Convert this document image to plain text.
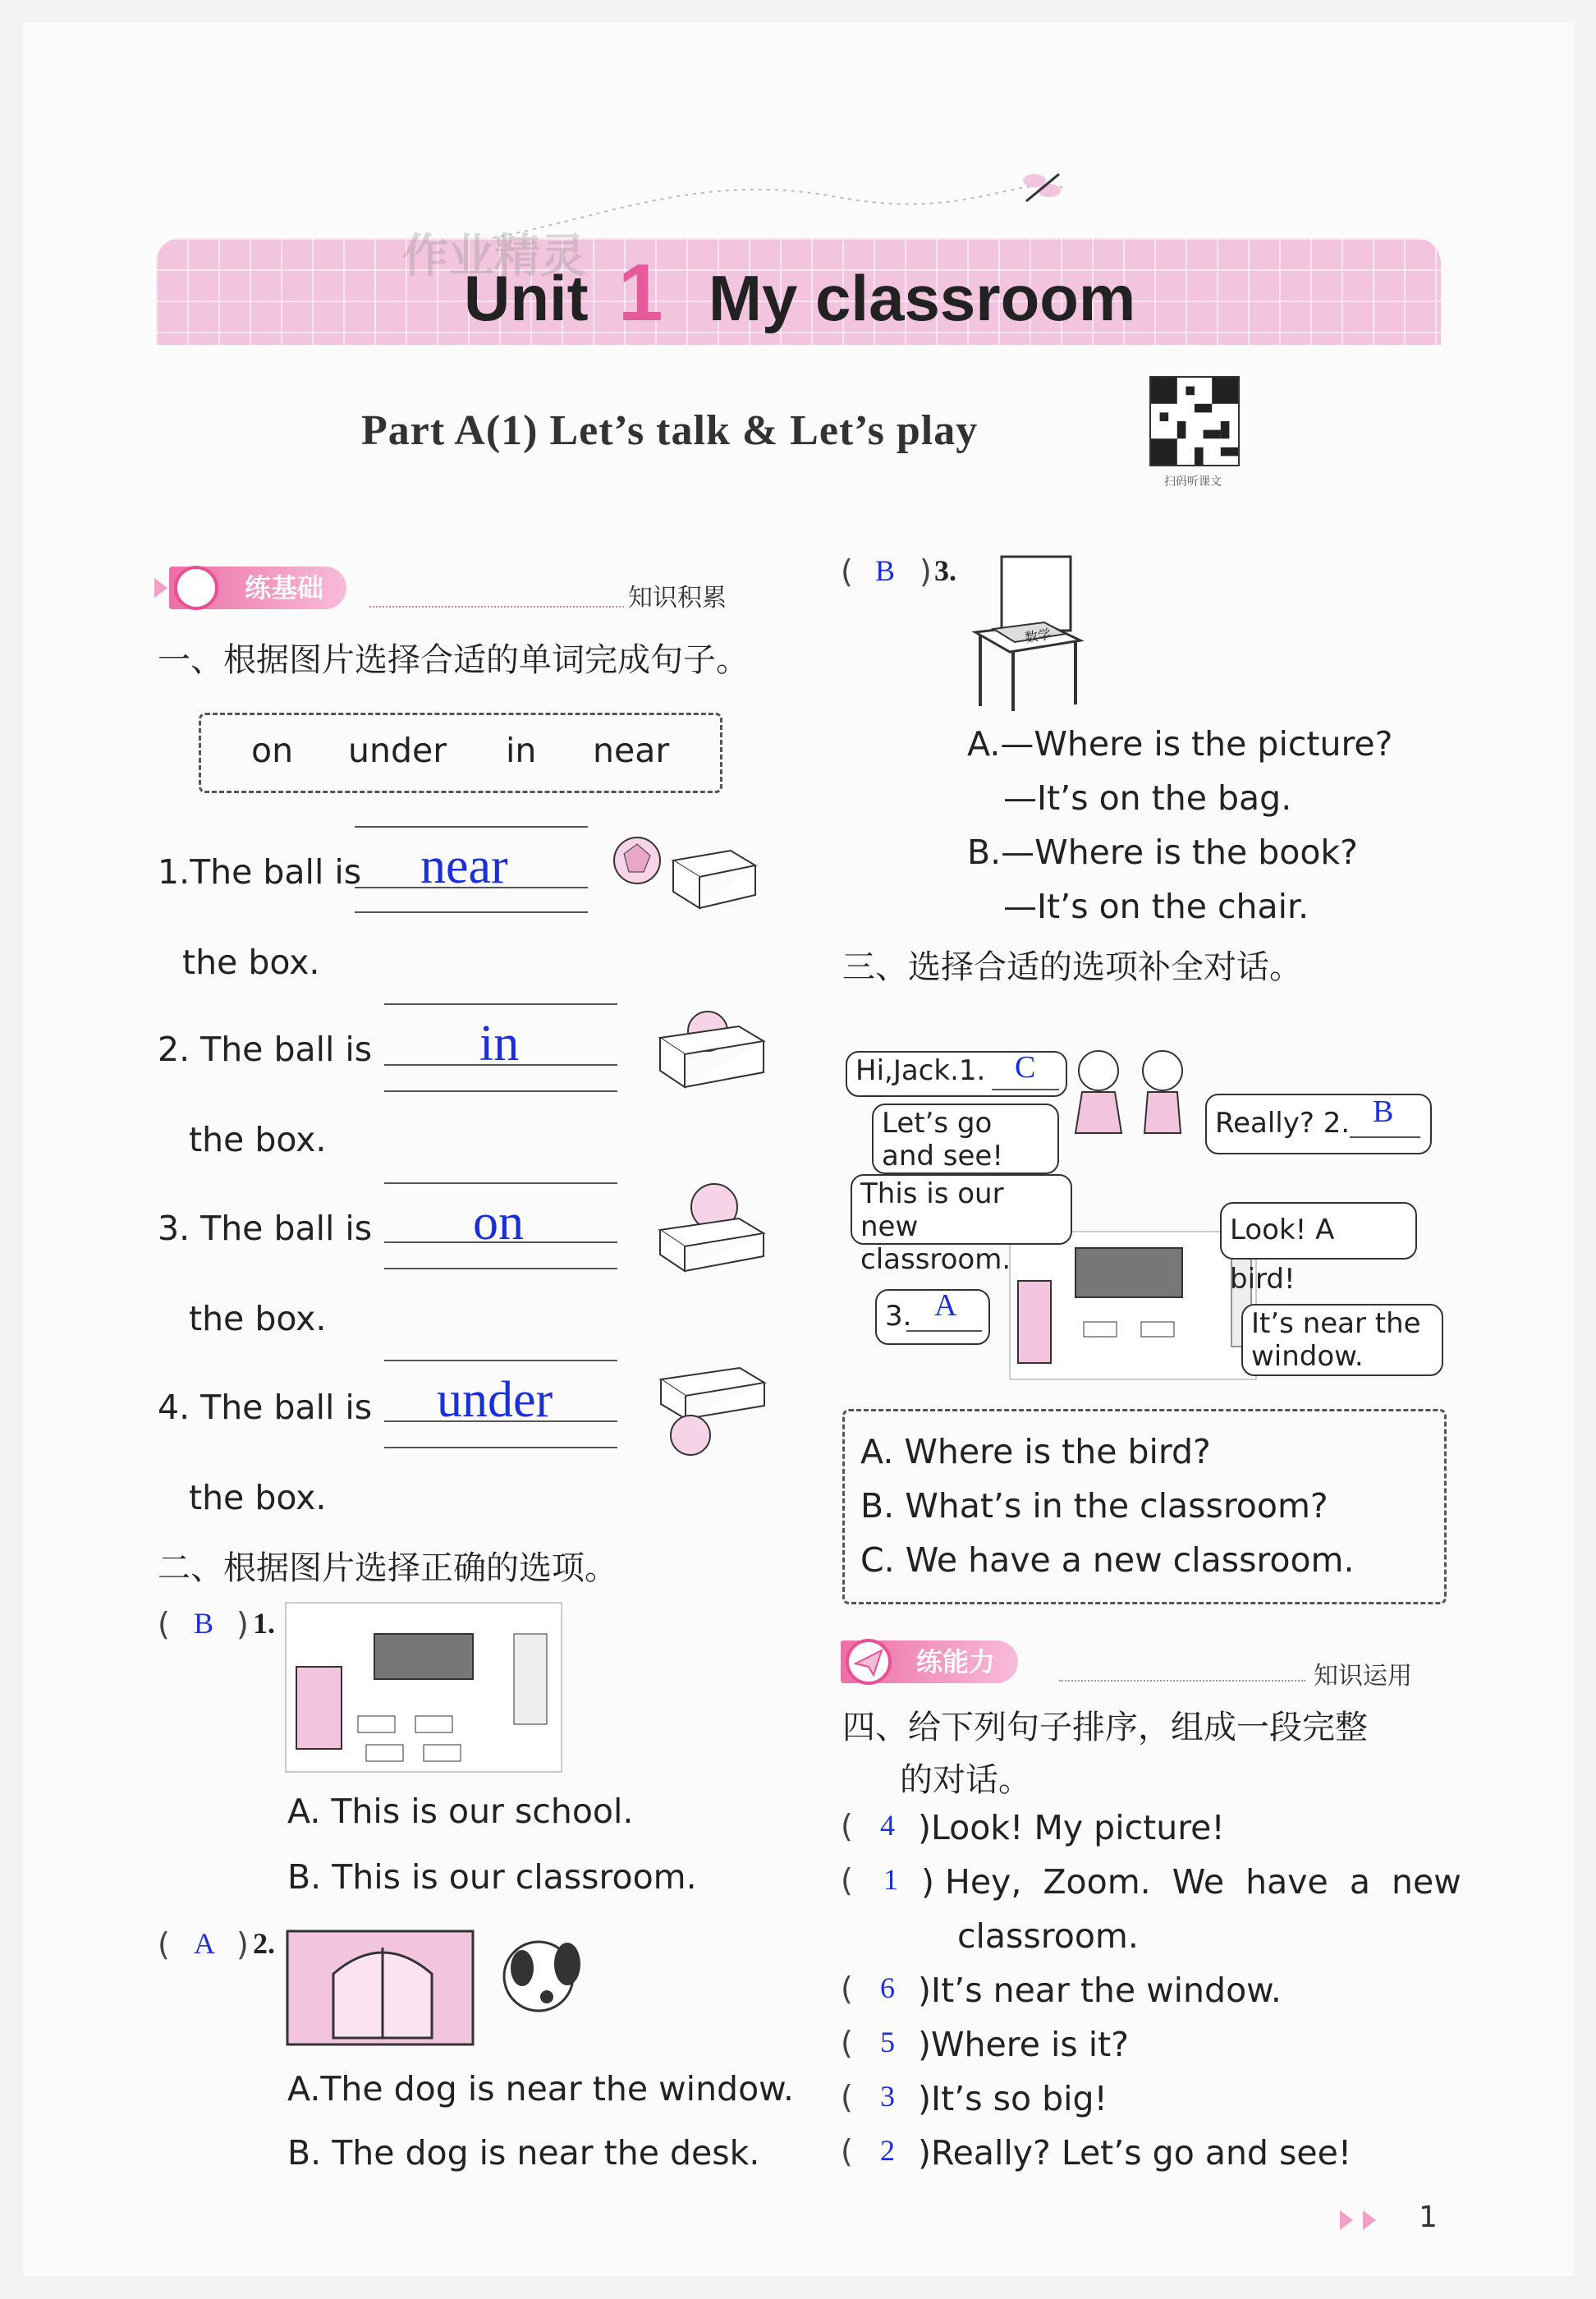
作业精灵
Unit 1 My classroom
Part A(1) Let’s talk & Let’s play
扫码听课文
练基础	知识积累
一、根据图片选择合适的单词完成句子。
on under in near
1.The ball is near
the box.
2. The ball is in
the box.
3. The ball is on
the box.
4. The ball is under
the box.
二、根据图片选择正确的选项。
( B ) 1.
A. This is our school.
B. This is our classroom.
( A ) 2.
A.The dog is near the window.
B. The dog is near the desk.
( B ) 3.
数学
A.—Where is the picture?
—It’s on the bag.
B.—Where is the book?
—It’s on the chair.
三、选择合适的选项补全对话。
Hi,Jack.1. C
Let’s go and see!
Really? 2. B
This is our new classroom.
Look! A bird!
3. A
It’s near the window.
A. Where is the bird?
B. What’s in the classroom?
C. We have a new classroom.
练能力	知识运用
四、给下列句子排序，组成一段完整
的对话。
( 4 )Look! My picture!
( 1 ) Hey,  Zoom.  We  have  a  new
classroom.
( 6 )It’s near the window.
( 5 )Where is it?
( 3 )It’s so big!
( 2 )Really? Let’s go and see!
1
